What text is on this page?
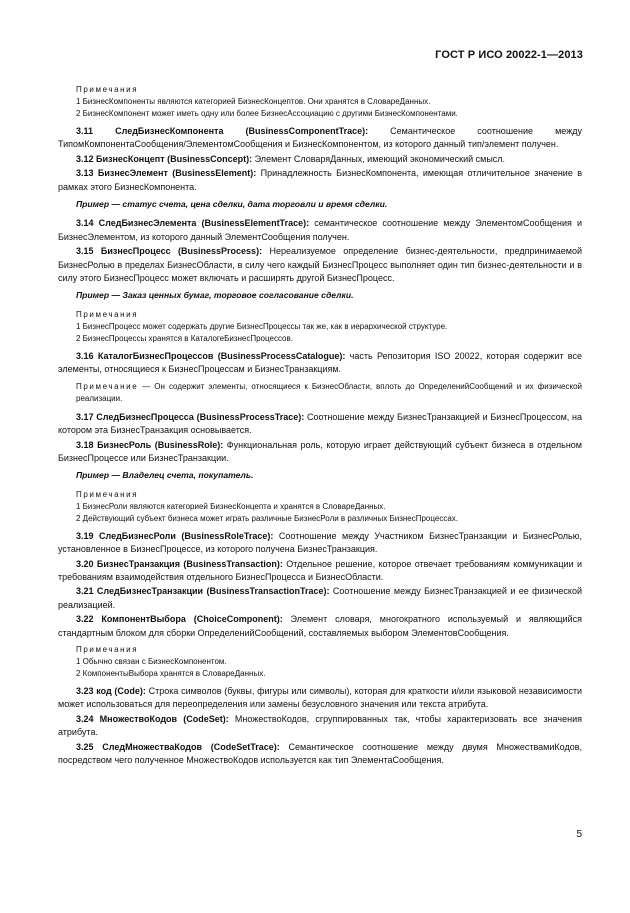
ГОСТ Р ИСО 20022-1—2013

Примечания

1 БизнесКомпоненты являются категорией БизнесКонцептов. Они хранятся в СловареДанных.

2 БизнесКомпонент может иметь одну или более БизнесАссоциацию с другими БизнесКомпонентами.

3.11 СледБизнесКомпонента (BusinessComponentTrace): Семантическое соотношение между ТипомКомпонентаСообщения/ЭлементомСообщения и БизнесКомпонентом, из которого данный тип/элемент получен.

3.12 БизнесКонцепт (BusinessConcept): Элемент СловаряДанных, имеющий экономический смысл.

3.13 БизнесЭлемент (BusinessElement): Принадлежность БизнесКомпонента, имеющая отличительное значение в рамках этого БизнесКомпонента.

Пример — статус счета, цена сделки, дата торговли и время сделки.

3.14 СледБизнесЭлемента (BusinessElementTrace): семантическое соотношение между ЭлементомСообщения и БизнесЭлементом, из которого данный ЭлементСообщения получен.

3.15 БизнесПроцесс (BusinessProcess): Нереализуемое определение бизнес-деятельности, предпринимаемой БизнесРолью в пределах БизнесОбласти, в силу чего каждый БизнесПроцесс выполняет один тип бизнес-деятельности и в силу этого БизнесПроцесс может включать и расширять другой БизнесПроцесс.

Пример — Заказ ценных бумаг, торговое согласование сделки.

Примечания

1 БизнесПроцесс может содержать другие БизнесПроцессы так же, как в иерархической структуре.

2 БизнесПроцессы хранятся в КаталогеБизнесПроцессов.

3.16 КаталогБизнесПроцессов (BusinessProcessCatalogue): часть Репозитория ISO 20022, которая содержит все элементы, относящиеся к БизнесПроцессам и БизнесТранзакциям.

Примечание — Он содержит элементы, относящиеся к БизнесОбласти, вплоть до ОпределенийСообщений и их физической реализации.

3.17 СледБизнесПроцесса (BusinessProcessTrace): Соотношение между БизнесТранзакцией и БизнесПроцессом, на котором эта БизнесТранзакция основывается.

3.18 БизнесРоль (BusinessRole): Функциональная роль, которую играет действующий субъект бизнеса в отдельном БизнесПроцессе или БизнесТранзакции.

Пример — Владелец счета, покупатель.

Примечания

1 БизнесРоли являются категорией БизнесКонцепта и хранятся в СловареДанных.

2 Действующий субъект бизнеса может играть различные БизнесРоли в различных БизнесПроцессах.

3.19 СледБизнесРоли (BusinessRoleTrace): Соотношение между Участником БизнесТранзакции и БизнесРолью, установленное в БизнесПроцессе, из которого получена БизнесТранзакция.

3.20 БизнесТранзакция (BusinessTransaction): Отдельное решение, которое отвечает требованиям коммуникации и требованиям взаимодействия отдельного БизнесПроцесса и БизнесОбласти.

3.21 СледБизнесТранзакции (BusinessTransactionTrace): Соотношение между БизнесТранзакцией и ее физической реализацией.

3.22 КомпонентВыбора (ChoiceComponent): Элемент словаря, многократного используемый и являющийся стандартным блоком для сборки ОпределенийСообщений, составляемых выбором ЭлементовСообщения.

Примечания

1 Обычно связан с БизнесКомпонентом.

2 КомпонентыВыбора хранятся в СловареДанных.

3.23 код (Code): Строка символов (буквы, фигуры или символы), которая для краткости и/или языковой независимости может использоваться для переопределения или замены безусловного значения или текста атрибута.

3.24 МножествоКодов (CodeSet): МножествоКодов, сгруппированных так, чтобы характеризовать все значения атрибута.

3.25 СледМножестваКодов (CodeSetTrace): Семантическое соотношение между двумя МножествамиКодов, посредством чего полученное МножествоКодов используется как тип ЭлементаСообщения.

5
